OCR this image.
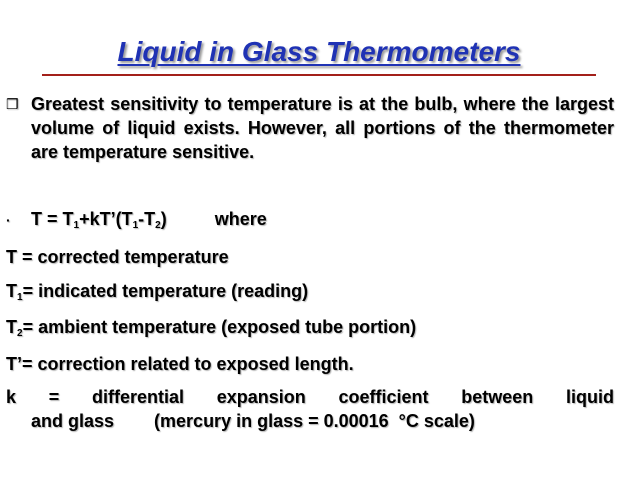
Liquid in Glass Thermometers
❒ Greatest sensitivity to temperature is at the bulb, where the largest volume of liquid exists. However, all portions of the thermometer are temperature sensitive.
· $T = T_1+kT’(T_1-T_2)$	where
T = corrected temperature
$T_1=$ indicated temperature (reading)
$T_2=$ ambient temperature (exposed tube portion)
T’= correction related to exposed length.
k = differential expansion coefficient between liquid
and glass        (mercury in glass = 0.00016  °C scale)
